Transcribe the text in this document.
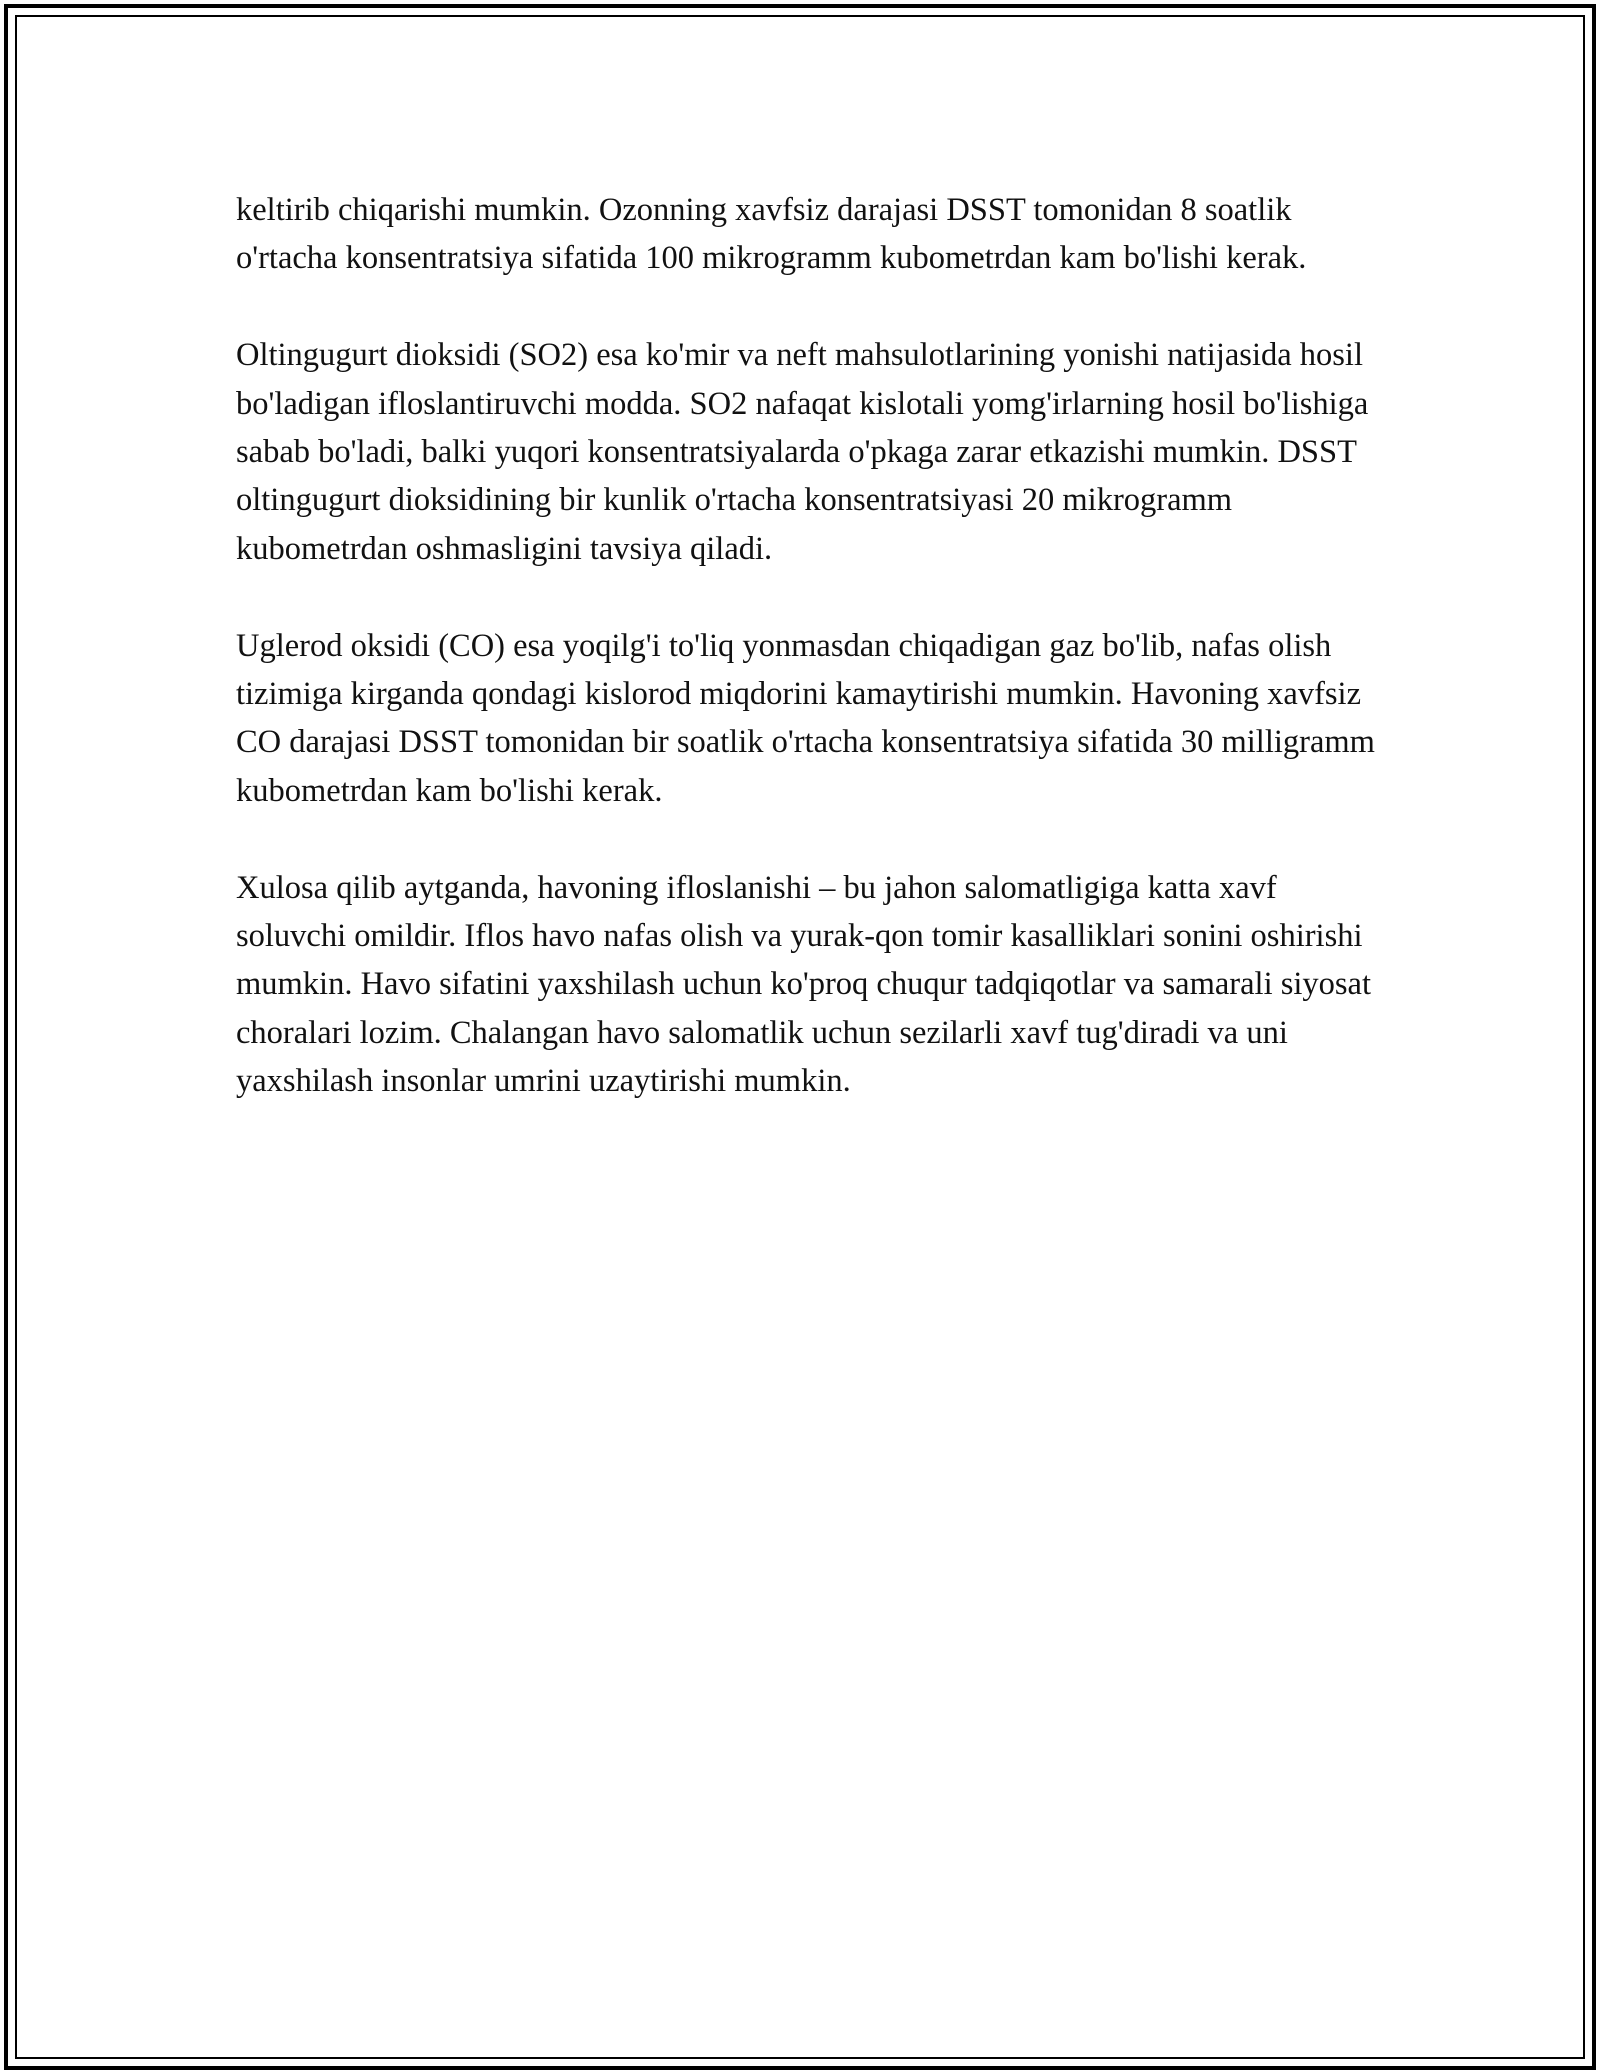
keltirib chiqarishi mumkin. Ozonning xavfsiz darajasi DSST tomonidan 8 soatlik o'rtacha konsentratsiya sifatida 100 mikrogramm kubometrdan kam bo'lishi kerak.

Oltingugurt dioksidi (SO2) esa ko'mir va neft mahsulotlarining yonishi natijasida hosil bo'ladigan ifloslantiruvchi modda. SO2 nafaqat kislotali yomg'irlarning hosil bo'lishiga sabab bo'ladi, balki yuqori konsentratsiyalarda o'pkaga zarar etkazishi mumkin. DSST oltingugurt dioksidining bir kunlik o'rtacha konsentratsiyasi 20 mikrogramm kubometrdan oshmasligini tavsiya qiladi.

Uglerod oksidi (CO) esa yoqilg'i to'liq yonmasdan chiqadigan gaz bo'lib, nafas olish tizimiga kirganda qondagi kislorod miqdorini kamaytirishi mumkin. Havoning xavfsiz CO darajasi DSST tomonidan bir soatlik o'rtacha konsentratsiya sifatida 30 milligramm kubometrdan kam bo'lishi kerak.

Xulosa qilib aytganda, havoning ifloslanishi – bu jahon salomatligiga katta xavf soluvchi omildir. Iflos havo nafas olish va yurak-qon tomir kasalliklari sonini oshirishi mumkin. Havo sifatini yaxshilash uchun ko'proq chuqur tadqiqotlar va samarali siyosat choralari lozim. Chalangan havo salomatlik uchun sezilarli xavf tug'diradi va uni yaxshilash insonlar umrini uzaytirishi mumkin.
